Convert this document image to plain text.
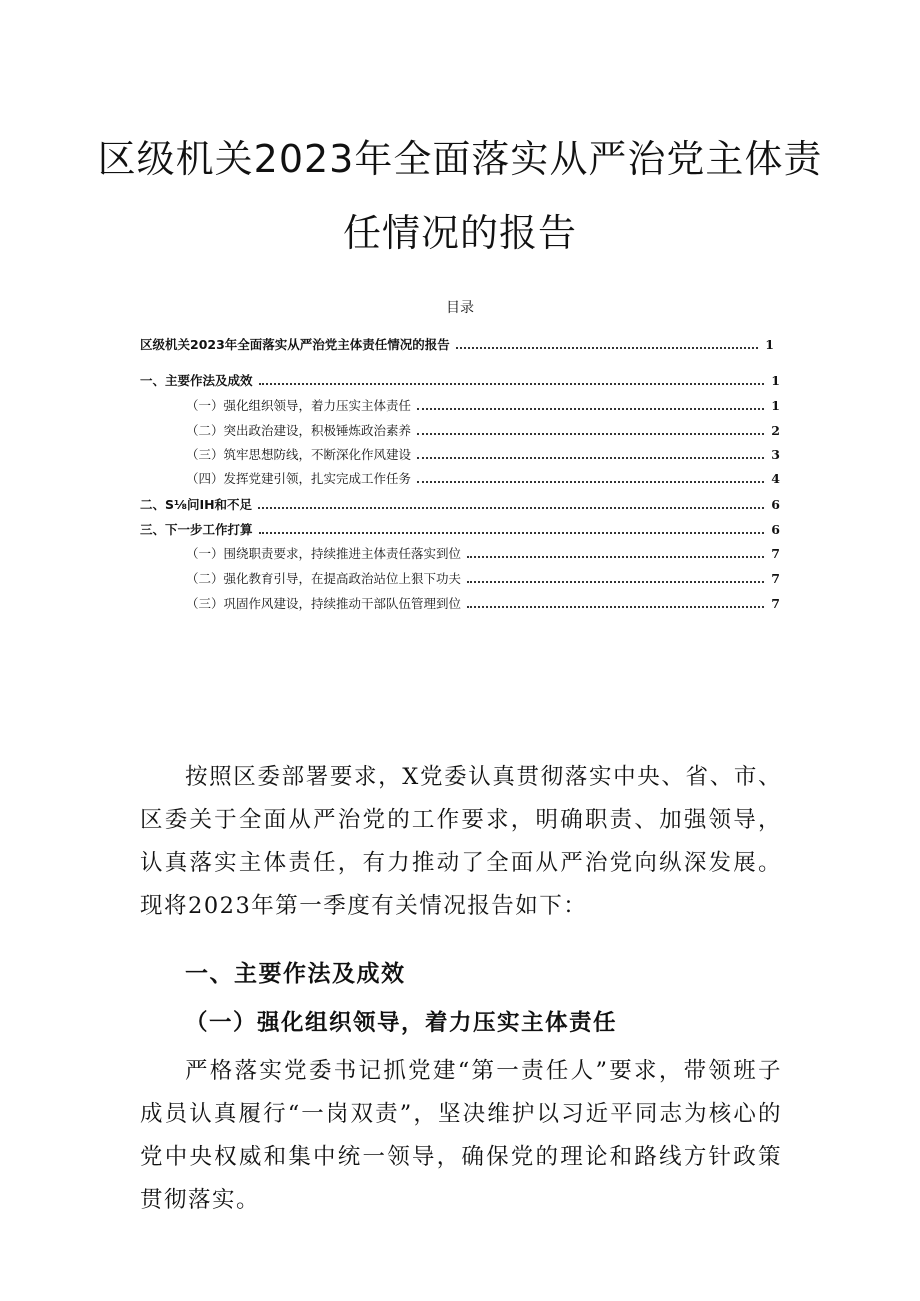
区级机关2023年全面落实从严治党主体责
任情况的报告
目录
区级机关2023年全面落实从严治党主体责任情况的报告	1
一、主要作法及成效	1
（一）强化组织领导，着力压实主体责任	1
（二）突出政治建设，积极锤炼政治素养	2
（三）筑牢思想防线，不断深化作风建设	3
（四）发挥党建引领，扎实完成工作任务	4
二、S⅛问IH和不足	6
三、下一步工作打算	6
（一）围绕职责要求，持续推进主体责任落实到位	7
（二）强化教育引导，在提高政治站位上狠下功夫	7
（三）巩固作风建设，持续推动干部队伍管理到位	7

按照区委部署要求，X党委认真贯彻落实中央、省、市、区委关于全面从严治党的工作要求，明确职责、加强领导，认真落实主体责任，有力推动了全面从严治党向纵深发展。现将2023年第一季度有关情况报告如下：

一、主要作法及成效
（一）强化组织领导，着力压实主体责任

严格落实党委书记抓党建“第一责任人”要求，带领班子成员认真履行“一岗双责”，坚决维护以习近平同志为核心的党中央权威和集中统一领导，确保党的理论和路线方针政策贯彻落实。
